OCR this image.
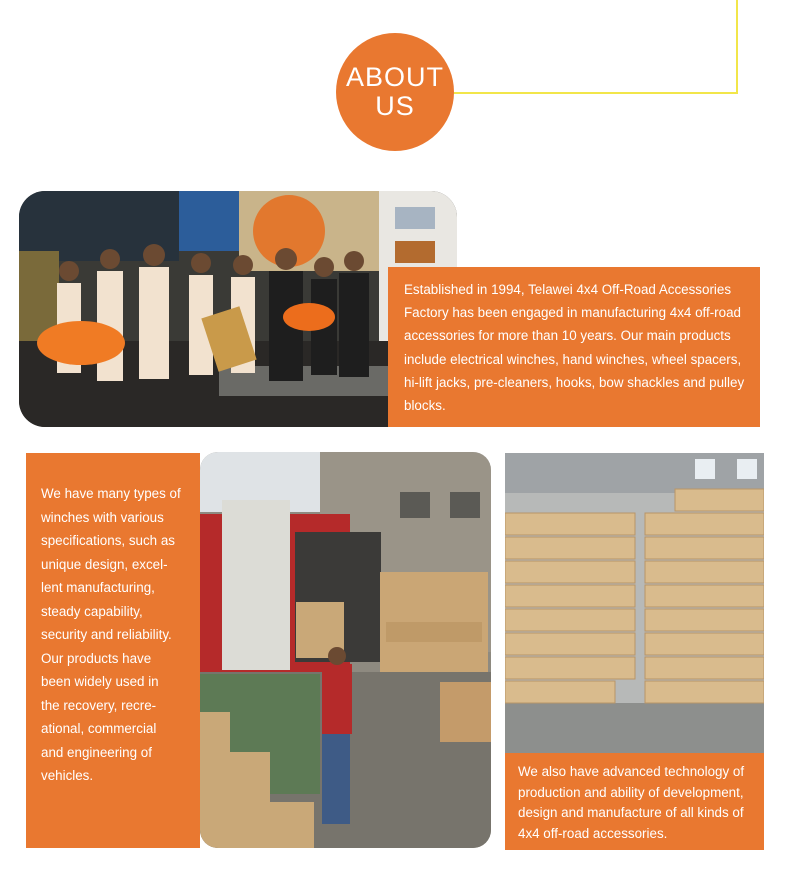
ABOUT
US
Established in 1994, Telawei 4x4 Off-Road Accessories
Factory has been engaged in manufacturing 4x4 off-road
accessories for more than 10 years. Our main products
include electrical winches, hand winches, wheel spacers,
hi-lift jacks, pre-cleaners, hooks, bow shackles and pulley
blocks.
We have many types of
winches with various
specifications, such as
unique design, excel-
lent manufacturing,
steady capability,
security and reliability.
Our products have
been widely used in
the recovery, recre-
ational, commercial
and engineering of
vehicles.	We also have advanced technology of
production and ability of development,
design and manufacture of all kinds of
4x4 off-road accessories.
